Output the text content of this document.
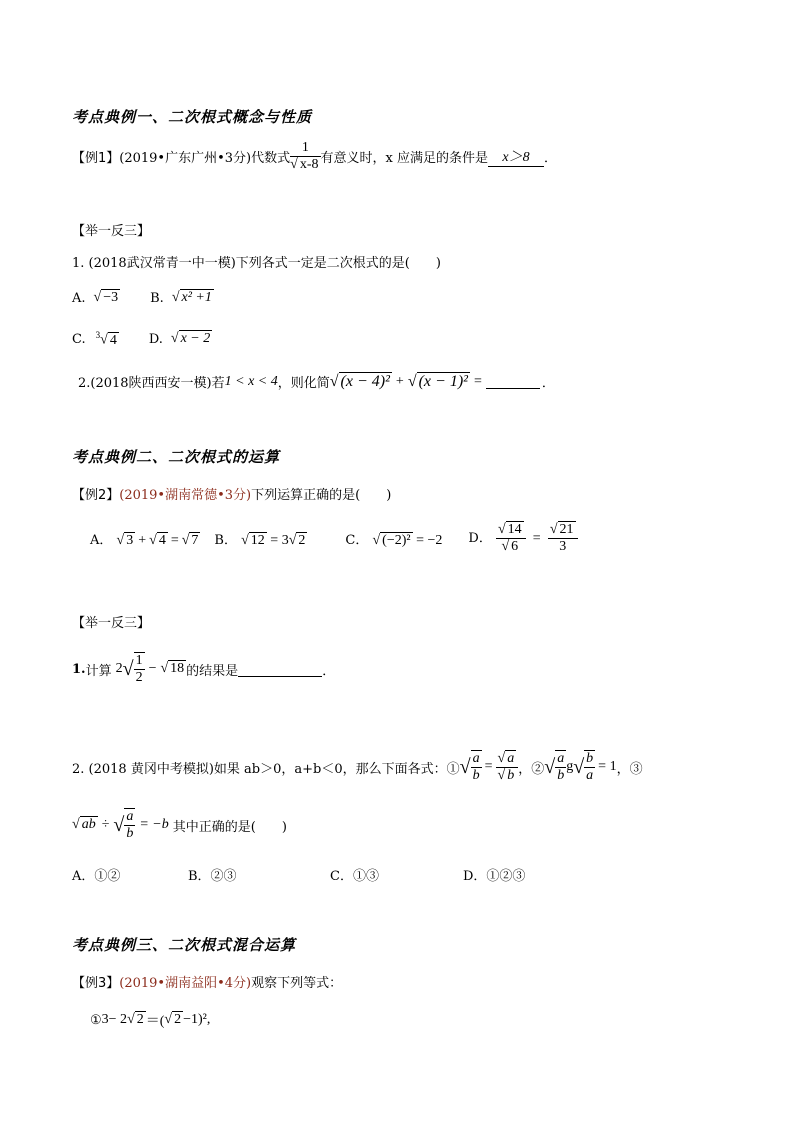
考点典例一、二次根式概念与性质
【例1】 (2019•广东广州•3分) 代数式 $\frac{1}{√ x-8}$ 有意义时，x 应满足的条件是	x＞8	．
【举一反三】
1. (2018武汉常青一中一模)下列各式一定是二次根式的是(　　)
A. √ −3 B. √ x² +1
C. $^3$√ 4 D. √ x − 2
2.(2018陕西西安一模)若 1 < x < 4 ，则化简 √ (x − 4)² + √ (x − 1)² =	．
考点典例二、二次根式的运算
【例2】 (2019•湖南常德•3分) 下列运算正确的是(　　)
A． √ 3 + √ 4 = √ 7 B． √ 12 = 3√ 2	C． √ (−2)² = −2 D． $\frac{√ 14}{√ 6} = \frac{√ 21}{3}$
【举一反三】
1. 计算 2 √ $\frac{1}{2}$ − √ 18 的结果是	．
2. (2018 黄冈中考模拟)如果 ab＞0，a+b＜0，那么下面各式：① √ $\frac{a}{b} = \frac{√ a}{√ b}$ ，② √ $\frac{a}{b}$ g √ $\frac{b}{a} = 1$ ，③
√ ab ÷ √ $\frac{a}{b} = -b$ 其中正确的是(　　)
A．①②	B．②③	C．①③	D．①②③
考点典例三、二次根式混合运算
【例3】 (2019•湖南益阳•4分) 观察下列等式：
① 3− 2 √ 2 ＝( √ 2 −1)²,
